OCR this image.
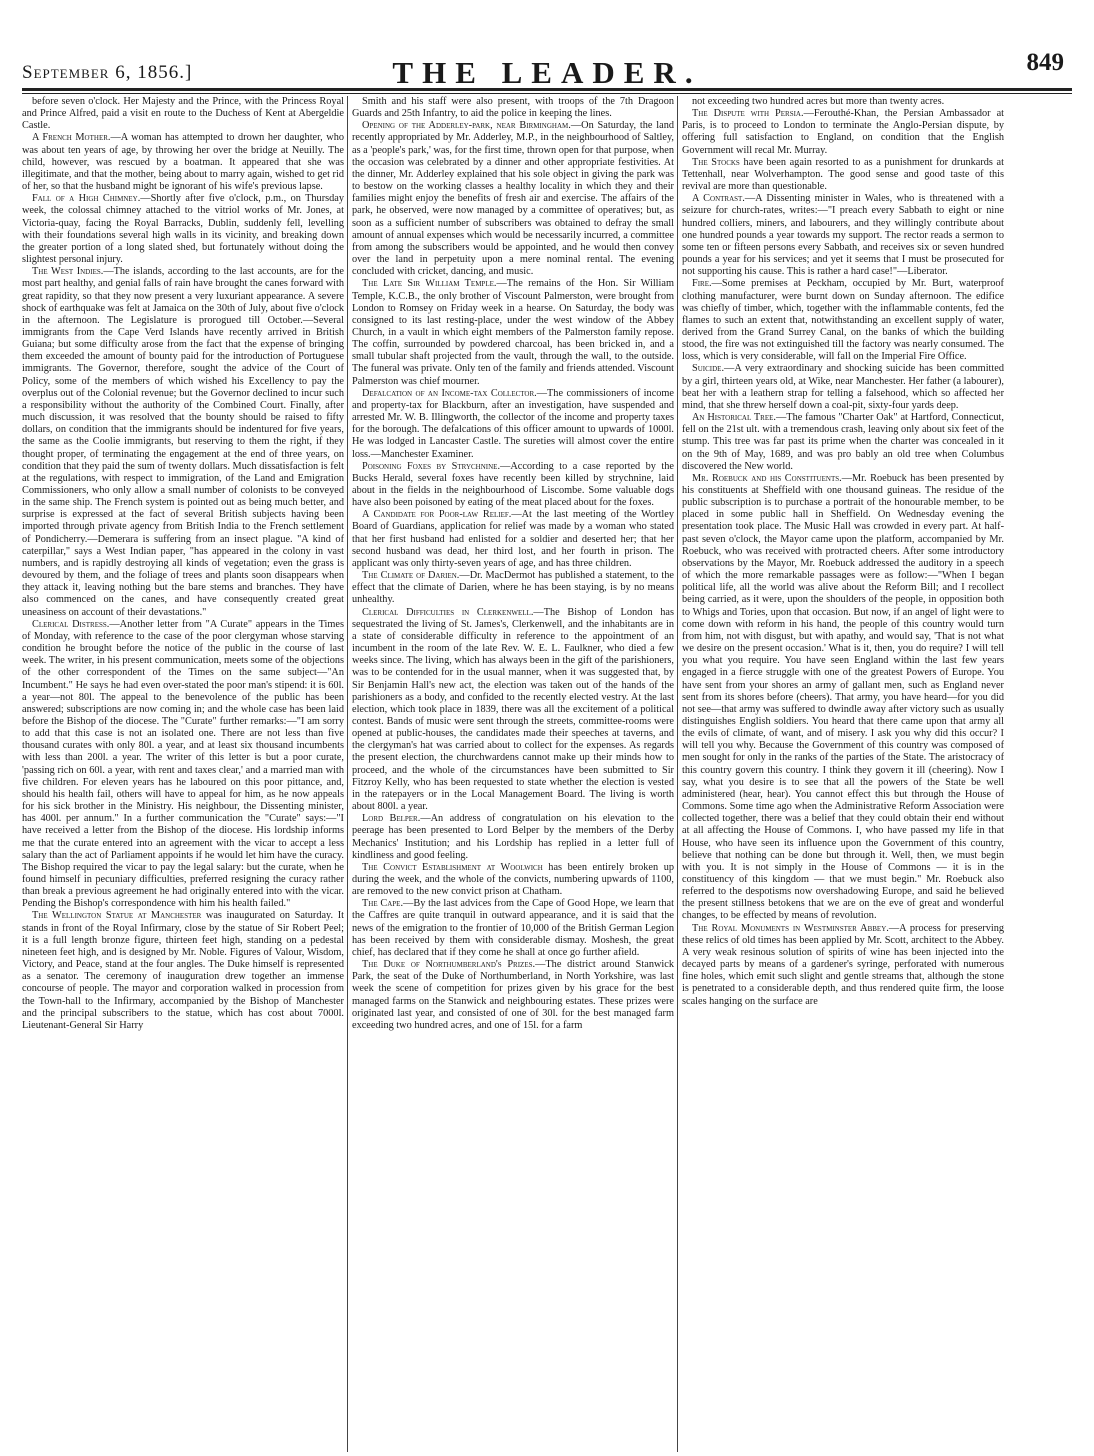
September 6, 1856.]	THE LEADER.	849

before seven o'clock. Her Majesty and the Prince, with the Princess Royal and Prince Alfred, paid a visit en route to the Duchess of Kent at Abergeldie Castle.

A French Mother.—A woman has attempted to drown her daughter, who was about ten years of age, by throwing her over the bridge at Neuilly. The child, however, was rescued by a boatman. It appeared that she was illegitimate, and that the mother, being about to marry again, wished to get rid of her, so that the husband might be ignorant of his wife's previous lapse.

Fall of a High Chimney.—Shortly after five o'clock, p.m., on Thursday week, the colossal chimney attached to the vitriol works of Mr. Jones, at Victoria-quay, facing the Royal Barracks, Dublin, suddenly fell, levelling with their foundations several high walls in its vicinity, and breaking down the greater portion of a long slated shed, but fortunately without doing the slightest personal injury.

The West Indies.—The islands, according to the last accounts, are for the most part healthy, and genial falls of rain have brought the canes forward with great rapidity, so that they now present a very luxuriant appearance. A severe shock of earthquake was felt at Jamaica on the 30th of July, about five o'clock in the afternoon. The Legislature is prorogued till October.—Several immigrants from the Cape Verd Islands have recently arrived in British Guiana; but some difficulty arose from the fact that the expense of bringing them exceeded the amount of bounty paid for the introduction of Portuguese immigrants. The Governor, therefore, sought the advice of the Court of Policy, some of the members of which wished his Excellency to pay the overplus out of the Colonial revenue; but the Governor declined to incur such a responsibility without the authority of the Combined Court. Finally, after much discussion, it was resolved that the bounty should be raised to fifty dollars, on condition that the immigrants should be indentured for five years, the same as the Coolie immigrants, but reserving to them the right, if they thought proper, of terminating the engagement at the end of three years, on condition that they paid the sum of twenty dollars. Much dissatisfaction is felt at the regulations, with respect to immigration, of the Land and Emigration Commissioners, who only allow a small number of colonists to be conveyed in the same ship. The French system is pointed out as being much better, and surprise is expressed at the fact of several British subjects having been imported through private agency from British India to the French settlement of Pondicherry.—Demerara is suffering from an insect plague. "A kind of caterpillar," says a West Indian paper, "has appeared in the colony in vast numbers, and is rapidly destroying all kinds of vegetation; even the grass is devoured by them, and the foliage of trees and plants soon disappears when they attack it, leaving nothing but the bare stems and branches. They have also commenced on the canes, and have consequently created great uneasiness on account of their devastations."

Clerical Distress.—Another letter from "A Curate" appears in the Times of Monday, with reference to the case of the poor clergyman whose starving condition he brought before the notice of the public in the course of last week. The writer, in his present communication, meets some of the objections of the other correspondent of the Times on the same subject—"An Incumbent." He says he had even over-stated the poor man's stipend: it is 60l. a year—not 80l. The appeal to the benevolence of the public has been answered; subscriptions are now coming in; and the whole case has been laid before the Bishop of the diocese. The "Curate" further remarks:—"I am sorry to add that this case is not an isolated one. There are not less than five thousand curates with only 80l. a year, and at least six thousand incumbents with less than 200l. a year. The writer of this letter is but a poor curate, 'passing rich on 60l. a year, with rent and taxes clear,' and a married man with five children. For eleven years has he laboured on this poor pittance, and, should his health fail, others will have to appeal for him, as he now appeals for his sick brother in the Ministry. His neighbour, the Dissenting minister, has 400l. per annum." In a further communication the "Curate" says:—"I have received a letter from the Bishop of the diocese. His lordship informs me that the curate entered into an agreement with the vicar to accept a less salary than the act of Parliament appoints if he would let him have the curacy. The Bishop required the vicar to pay the legal salary: but the curate, when he found himself in pecuniary difficulties, preferred resigning the curacy rather than break a previous agreement he had originally entered into with the vicar. Pending the Bishop's correspondence with him his health failed."

The Wellington Statue at Manchester was inaugurated on Saturday. It stands in front of the Royal Infirmary, close by the statue of Sir Robert Peel; it is a full length bronze figure, thirteen feet high, standing on a pedestal nineteen feet high, and is designed by Mr. Noble. Figures of Valour, Wisdom, Victory, and Peace, stand at the four angles. The Duke himself is represented as a senator. The ceremony of inauguration drew together an immense concourse of people. The mayor and corporation walked in procession from the Town-hall to the Infirmary, accompanied by the Bishop of Manchester and the principal subscribers to the statue, which has cost about 7000l. Lieutenant-General Sir Harry

Smith and his staff were also present, with troops of the 7th Dragoon Guards and 25th Infantry, to aid the police in keeping the lines.

Opening of the Adderley-park, near Birmingham.—On Saturday, the land recently appropriated by Mr. Adderley, M.P., in the neighbourhood of Saltley, as a 'people's park,' was, for the first time, thrown open for that purpose, when the occasion was celebrated by a dinner and other appropriate festivities. At the dinner, Mr. Adderley explained that his sole object in giving the park was to bestow on the working classes a healthy locality in which they and their families might enjoy the benefits of fresh air and exercise. The affairs of the park, he observed, were now managed by a committee of operatives; but, as soon as a sufficient number of subscribers was obtained to defray the small amount of annual expenses which would be necessarily incurred, a committee from among the subscribers would be appointed, and he would then convey over the land in perpetuity upon a mere nominal rental. The evening concluded with cricket, dancing, and music.

The Late Sir William Temple.—The remains of the Hon. Sir William Temple, K.C.B., the only brother of Viscount Palmerston, were brought from London to Romsey on Friday week in a hearse. On Saturday, the body was consigned to its last resting-place, under the west window of the Abbey Church, in a vault in which eight members of the Palmerston family repose. The coffin, surrounded by powdered charcoal, has been bricked in, and a small tubular shaft projected from the vault, through the wall, to the outside. The funeral was private. Only ten of the family and friends attended. Viscount Palmerston was chief mourner.

Defalcation of an Income-tax Collector.—The commissioners of income and property-tax for Blackburn, after an investigation, have suspended and arrested Mr. W. B. Illingworth, the collector of the income and property taxes for the borough. The defalcations of this officer amount to upwards of 1000l. He was lodged in Lancaster Castle. The sureties will almost cover the entire loss.—Manchester Examiner.

Poisoning Foxes by Strychnine.—According to a case reported by the Bucks Herald, several foxes have recently been killed by strychnine, laid about in the fields in the neighbourhood of Liscombe. Some valuable dogs have also been poisoned by eating of the meat placed about for the foxes.

A Candidate for Poor-law Relief.—At the last meeting of the Wortley Board of Guardians, application for relief was made by a woman who stated that her first husband had enlisted for a soldier and deserted her; that her second husband was dead, her third lost, and her fourth in prison. The applicant was only thirty-seven years of age, and has three children.

The Climate of Darien.—Dr. MacDermot has published a statement, to the effect that the climate of Darien, where he has been staying, is by no means unhealthy.

Clerical Difficulties in Clerkenwell.—The Bishop of London has sequestrated the living of St. James's, Clerkenwell, and the inhabitants are in a state of considerable difficulty in reference to the appointment of an incumbent in the room of the late Rev. W. E. L. Faulkner, who died a few weeks since. The living, which has always been in the gift of the parishioners, was to be contended for in the usual manner, when it was suggested that, by Sir Benjamin Hall's new act, the election was taken out of the hands of the parishioners as a body, and confided to the recently elected vestry. At the last election, which took place in 1839, there was all the excitement of a political contest. Bands of music were sent through the streets, committee-rooms were opened at public-houses, the candidates made their speeches at taverns, and the clergyman's hat was carried about to collect for the expenses. As regards the present election, the churchwardens cannot make up their minds how to proceed, and the whole of the circumstances have been submitted to Sir Fitzroy Kelly, who has been requested to state whether the election is vested in the ratepayers or in the Local Management Board. The living is worth about 800l. a year.

Lord Belper.—An address of congratulation on his elevation to the peerage has been presented to Lord Belper by the members of the Derby Mechanics' Institution; and his Lordship has replied in a letter full of kindliness and good feeling.

The Convict Establishment at Woolwich has been entirely broken up during the week, and the whole of the convicts, numbering upwards of 1100, are removed to the new convict prison at Chatham.

The Cape.—By the last advices from the Cape of Good Hope, we learn that the Caffres are quite tranquil in outward appearance, and it is said that the news of the emigration to the frontier of 10,000 of the British German Legion has been received by them with considerable dismay. Moshesh, the great chief, has declared that if they come he shall at once go further afield.

The Duke of Northumberland's Prizes.—The district around Stanwick Park, the seat of the Duke of Northumberland, in North Yorkshire, was last week the scene of competition for prizes given by his grace for the best managed farms on the Stanwick and neighbouring estates. These prizes were originated last year, and consisted of one of 30l. for the best managed farm exceeding two hundred acres, and one of 15l. for a farm

not exceeding two hundred acres but more than twenty acres.

The Dispute with Persia.—Ferouthé-Khan, the Persian Ambassador at Paris, is to proceed to London to terminate the Anglo-Persian dispute, by offering full satisfaction to England, on condition that the English Government will recal Mr. Murray.

The Stocks have been again resorted to as a punishment for drunkards at Tettenhall, near Wolverhampton. The good sense and good taste of this revival are more than questionable.

A Contrast.—A Dissenting minister in Wales, who is threatened with a seizure for church-rates, writes:—"I preach every Sabbath to eight or nine hundred colliers, miners, and labourers, and they willingly contribute about one hundred pounds a year towards my support. The rector reads a sermon to some ten or fifteen persons every Sabbath, and receives six or seven hundred pounds a year for his services; and yet it seems that I must be prosecuted for not supporting his cause. This is rather a hard case!"—Liberator.

Fire.—Some premises at Peckham, occupied by Mr. Burt, waterproof clothing manufacturer, were burnt down on Sunday afternoon. The edifice was chiefly of timber, which, together with the inflammable contents, fed the flames to such an extent that, notwithstanding an excellent supply of water, derived from the Grand Surrey Canal, on the banks of which the building stood, the fire was not extinguished till the factory was nearly consumed. The loss, which is very considerable, will fall on the Imperial Fire Office.

Suicide.—A very extraordinary and shocking suicide has been committed by a girl, thirteen years old, at Wike, near Manchester. Her father (a labourer), beat her with a leathern strap for telling a falsehood, which so affected her mind, that she threw herself down a coal-pit, sixty-four yards deep.

An Historical Tree.—The famous "Charter Oak" at Hartford, Connecticut, fell on the 21st ult. with a tremendous crash, leaving only about six feet of the stump. This tree was far past its prime when the charter was concealed in it on the 9th of May, 1689, and was pro bably an old tree when Columbus discovered the New world.

Mr. Roebuck and his Constituents.—Mr. Roebuck has been presented by his constituents at Sheffield with one thousand guineas. The residue of the public subscription is to purchase a portrait of the honourable member, to be placed in some public hall in Sheffield. On Wednesday evening the presentation took place. The Music Hall was crowded in every part. At half-past seven o'clock, the Mayor came upon the platform, accompanied by Mr. Roebuck, who was received with protracted cheers. After some introductory observations by the Mayor, Mr. Roebuck addressed the auditory in a speech of which the more remarkable passages were as follow:—"When I began political life, all the world was alive about the Reform Bill; and I recollect being carried, as it were, upon the shoulders of the people, in opposition both to Whigs and Tories, upon that occasion. But now, if an angel of light were to come down with reform in his hand, the people of this country would turn from him, not with disgust, but with apathy, and would say, 'That is not what we desire on the present occasion.' What is it, then, you do require? I will tell you what you require. You have seen England within the last few years engaged in a fierce struggle with one of the greatest Powers of Europe. You have sent from your shores an army of gallant men, such as England never sent from its shores before (cheers). That army, you have heard—for you did not see—that army was suffered to dwindle away after victory such as usually distinguishes English soldiers. You heard that there came upon that army all the evils of climate, of want, and of misery. I ask you why did this occur? I will tell you why. Because the Government of this country was composed of men sought for only in the ranks of the parties of the State. The aristocracy of this country govern this country. I think they govern it ill (cheering). Now I say, what you desire is to see that all the powers of the State be well administered (hear, hear). You cannot effect this but through the House of Commons. Some time ago when the Administrative Reform Association were collected together, there was a belief that they could obtain their end without at all affecting the House of Commons. I, who have passed my life in that House, who have seen its influence upon the Government of this country, believe that nothing can be done but through it. Well, then, we must begin with you. It is not simply in the House of Commons — it is in the constituency of this kingdom — that we must begin." Mr. Roebuck also referred to the despotisms now overshadowing Europe, and said he believed the present stillness betokens that we are on the eve of great and wonderful changes, to be effected by means of revolution.

The Royal Monuments in Westminster Abbey.—A process for preserving these relics of old times has been applied by Mr. Scott, architect to the Abbey. A very weak resinous solution of spirits of wine has been injected into the decayed parts by means of a gardener's syringe, perforated with numerous fine holes, which emit such slight and gentle streams that, although the stone is penetrated to a considerable depth, and thus rendered quite firm, the loose scales hanging on the surface are
